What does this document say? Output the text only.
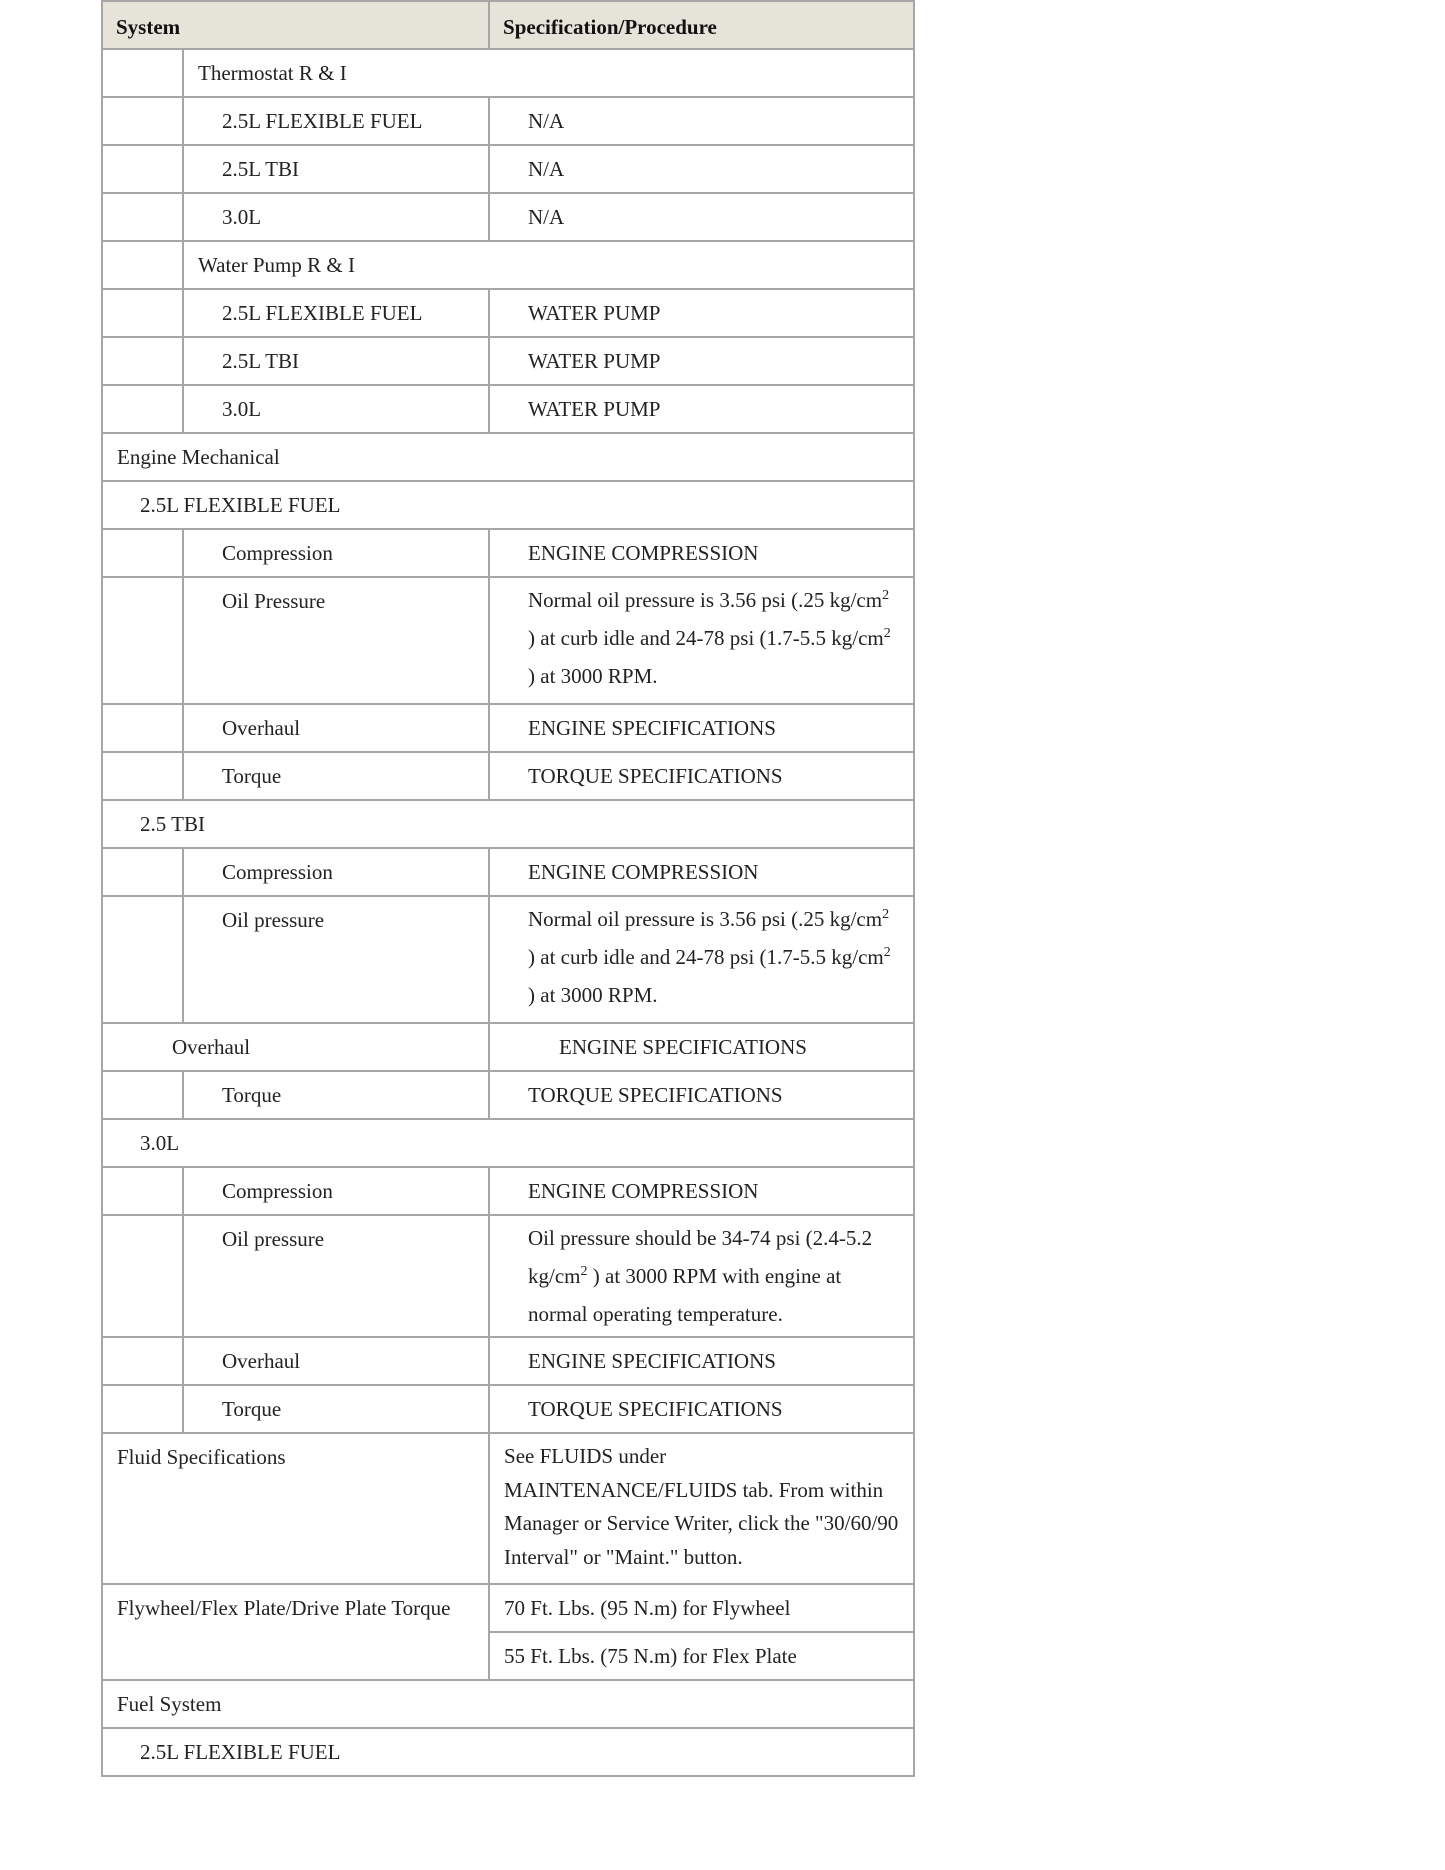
System		Specification/Procedure
	Thermostat R & I	
	2.5L FLEXIBLE FUEL	N/A
	2.5L TBI	N/A
	3.0L	N/A
	Water Pump R & I	
	2.5L FLEXIBLE FUEL	WATER PUMP
	2.5L TBI	WATER PUMP
	3.0L	WATER PUMP
Engine Mechanical		
2.5L FLEXIBLE FUEL		
	Compression	ENGINE COMPRESSION
	Oil Pressure	Normal oil pressure is 3.56 psi (.25 $kg/cm^2$ ) at curb idle and 24-78 psi (1.7-5.5 $kg/cm^2$ ) at 3000 RPM.
	Overhaul	ENGINE SPECIFICATIONS
	Torque	TORQUE SPECIFICATIONS
2.5 TBI		
	Compression	ENGINE COMPRESSION
	Oil pressure	Normal oil pressure is 3.56 psi (.25 $kg/cm^2$ ) at curb idle and 24-78 psi (1.7-5.5 $kg/cm^2$ ) at 3000 RPM.
Overhaul		ENGINE SPECIFICATIONS
	Torque	TORQUE SPECIFICATIONS
3.0L		
	Compression	ENGINE COMPRESSION
	Oil pressure	Oil pressure should be 34-74 psi (2.4-5.2 $kg/cm^2$ ) at 3000 RPM with engine at normal operating temperature.
	Overhaul	ENGINE SPECIFICATIONS
	Torque	TORQUE SPECIFICATIONS
Fluid Specifications		See FLUIDS under MAINTENANCE/FLUIDS tab. From within Manager or Service Writer, click the "30/60/90 Interval" or "Maint." button.
Flywheel/Flex Plate/Drive Plate Torque		70 Ft. Lbs. (95 N.m) for Flywheel
		55 Ft. Lbs. (75 N.m) for Flex Plate
Fuel System		
2.5L FLEXIBLE FUEL		
